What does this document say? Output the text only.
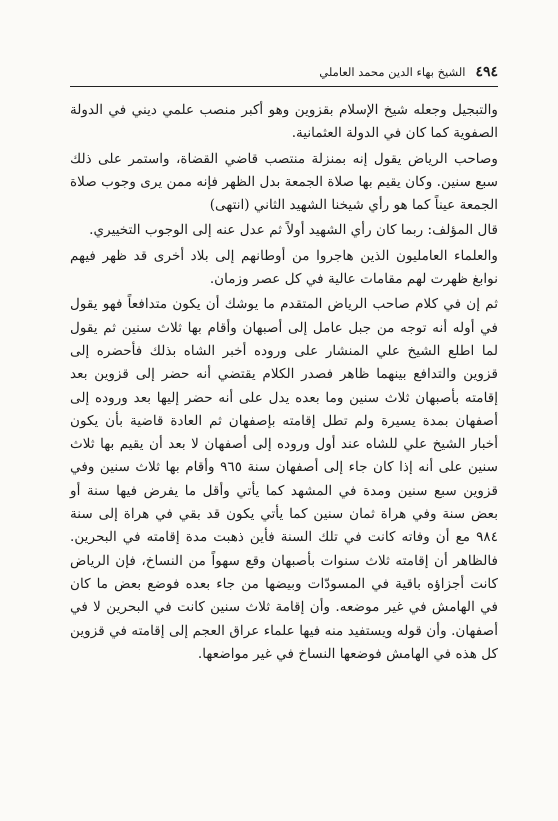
٤٩٤
الشيخ بهاء الدين محمد العاملي

والتبجيل وجعله شيخ الإسلام بقزوين وهو أكبر منصب علمي ديني في الدولة الصفوية كما كان في الدولة العثمانية.

وصاحب الرياض يقول إنه بمنزلة منتصب قاضي القضاة، واستمر على ذلك سبع سنين. وكان يقيم بها صلاة الجمعة بدل الظهر فإنه ممن يرى وجوب صلاة الجمعة عيناً كما هو رأي شيخنا الشهيد الثاني (انتهى)

قال المؤلف: ربما كان رأي الشهيد أولاً ثم عدل عنه إلى الوجوب التخييري.

والعلماء العامليون الذين هاجروا من أوطانهم إلى بلاد أخرى قد ظهر فيهم نوابغ ظهرت لهم مقامات عالية في كل عصر وزمان.

ثم إن في كلام صاحب الرياض المتقدم ما يوشك أن يكون متدافعاً فهو يقول في أوله أنه توجه من جبل عامل إلى أصبهان وأقام بها ثلاث سنين ثم يقول لما اطلع الشيخ علي المنشار على وروده أخبر الشاه بذلك فأحضره إلى قزوين والتدافع بينهما ظاهر فصدر الكلام يقتضي أنه حضر إلى قزوين بعد إقامته بأصبهان ثلاث سنين وما بعده يدل على أنه حضر إليها بعد وروده إلى أصفهان بمدة يسيرة ولم تطل إقامته بإصفهان ثم العادة قاضية بأن يكون أخبار الشيخ علي للشاه عند أول وروده إلى أصفهان لا بعد أن يقيم بها ثلاث سنين على أنه إذا كان جاء إلى أصفهان سنة ٩٦٥ وأقام بها ثلاث سنين وفي قزوين سبع سنين ومدة في المشهد كما يأتي وأقل ما يفرض فيها سنة أو بعض سنة وفي هراة ثمان سنين كما يأتي يكون قد بقي في هراة إلى سنة ٩٨٤ مع أن وفاته كانت في تلك السنة فأين ذهبت مدة إقامته في البحرين. فالظاهر أن إقامته ثلاث سنوات بأصبهان وقع سهواً من النساخ، فإن الرياض كانت أجزاؤه باقية في المسودّات وبيضها من جاء بعده فوضع بعض ما كان في الهامش في غير موضعه. وأن إقامة ثلاث سنين كانت في البحرين لا في أصفهان. وأن قوله ويستفيد منه فيها علماء عراق العجم إلى إقامته في قزوين كل هذه في الهامش فوضعها النساخ في غير مواضعها.
